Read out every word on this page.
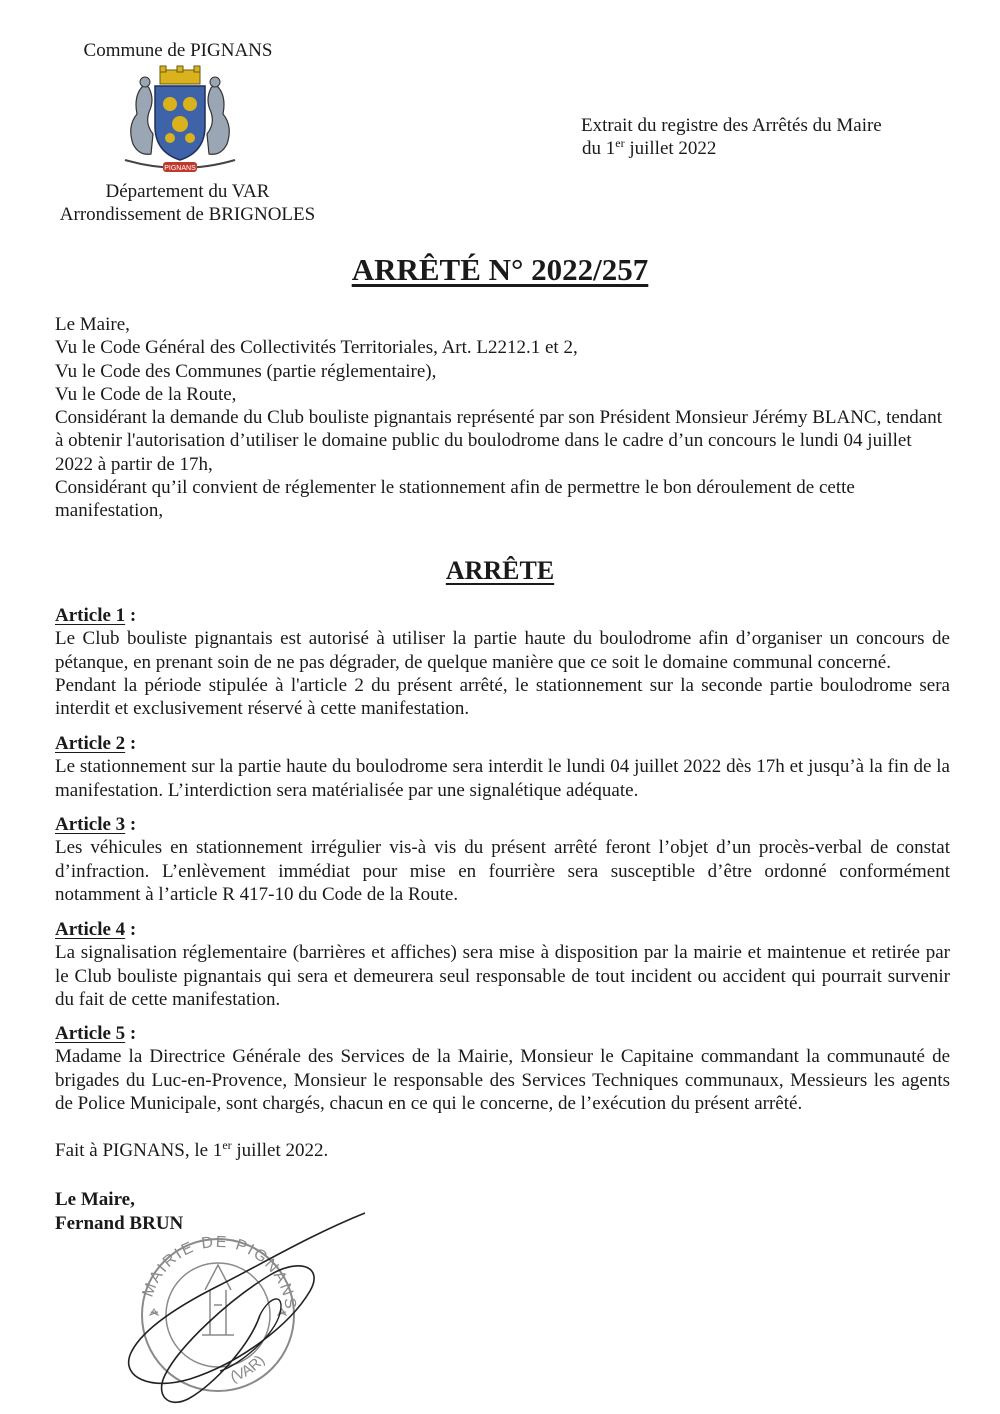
Commune de PIGNANS
PIGNANS
Département du VAR
Arrondissement de BRIGNOLES
Extrait du registre des Arrêtés du Maire
du 1er juillet 2022
ARRÊTÉ N° 2022/257

Le Maire,

Vu le Code Général des Collectivités Territoriales, Art. L2212.1 et 2,

Vu le Code des Communes (partie réglementaire),

Vu le Code de la Route,

Considérant la demande du Club bouliste pignantais représenté par son Président Monsieur Jérémy BLANC, tendant à obtenir l'autorisation d’utiliser le domaine public du boulodrome dans le cadre d’un concours le lundi 04 juillet 2022 à partir de 17h,

Considérant qu’il convient de réglementer le stationnement afin de permettre le bon déroulement de cette manifestation,

ARRÊTE
Article 1 :
Le Club bouliste pignantais est autorisé à utiliser la partie haute du boulodrome afin d’organiser un concours de pétanque, en prenant soin de ne pas dégrader, de quelque manière que ce soit le domaine communal concerné.
Pendant la période stipulée à l'article 2 du présent arrêté, le stationnement sur la seconde partie boulodrome sera interdit et exclusivement réservé à cette manifestation.
Article 2 :
Le stationnement sur la partie haute du boulodrome sera interdit le lundi 04 juillet 2022 dès 17h et jusqu’à la fin de la manifestation. L’interdiction sera matérialisée par une signalétique adéquate.
Article 3 :
Les véhicules en stationnement irrégulier vis-à vis du présent arrêté feront l’objet d’un procès-verbal de constat d’infraction. L’enlèvement immédiat pour mise en fourrière sera susceptible d’être ordonné conformément notamment à l’article R 417-10 du Code de la Route.
Article 4 :
La signalisation réglementaire (barrières et affiches) sera mise à disposition par la mairie et maintenue et retirée par le Club bouliste pignantais qui sera et demeurera seul responsable de tout incident ou accident qui pourrait survenir du fait de cette manifestation.
Article 5 :
Madame la Directrice Générale des Services de la Mairie, Monsieur le Capitaine commandant la communauté de brigades du Luc-en-Provence, Monsieur le responsable des Services Techniques communaux, Messieurs les agents de Police Municipale, sont chargés, chacun en ce qui le concerne, de l’exécution du présent arrêté.
Fait à PIGNANS, le 1er juillet 2022.
Le Maire,
Fernand BRUN
MAIRIE DE PIGNANS
(VAR)
